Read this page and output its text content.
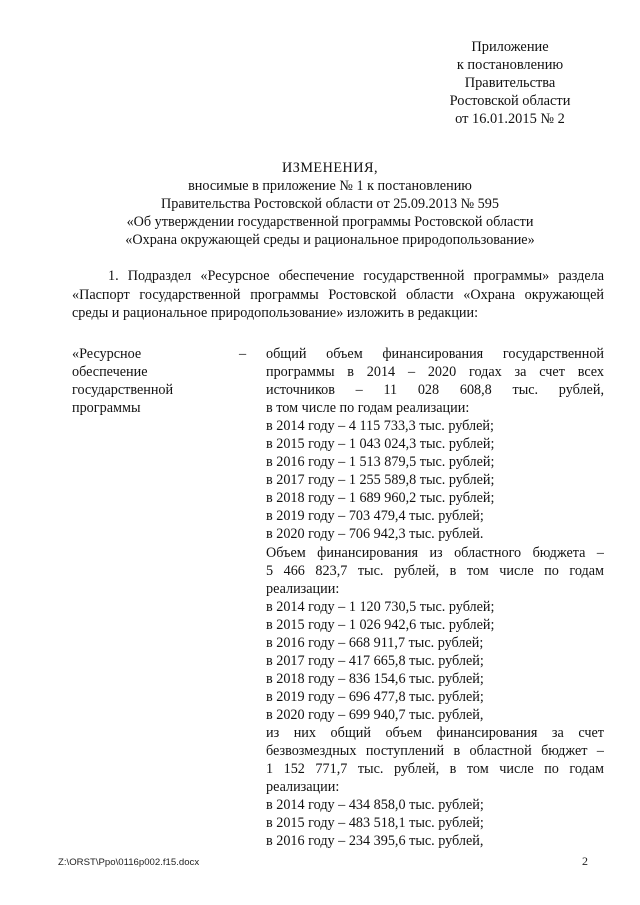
Приложение
к постановлению
Правительства
Ростовской области
от 16.01.2015 № 2
ИЗМЕНЕНИЯ,
вносимые в приложение № 1 к постановлению
Правительства Ростовской области от 25.09.2013 № 595
«Об утверждении государственной программы Ростовской области
«Охрана окружающей среды и рациональное природопользование»

1. Подраздел «Ресурсное обеспечение государственной программы» раздела «Паспорт государственной программы Ростовской области «Охрана окружающей среды и рациональное природопользование» изложить в редакции:

«Ресурсное
обеспечение
государственной
программы
– общий объем финансирования государственной
программы в 2014 – 2020 годах за счет всех
источников – 11 028 608,8 тыс. рублей,
в том числе по годам реализации:
в 2014 году – 4 115 733,3 тыс. рублей;
в 2015 году – 1 043 024,3 тыс. рублей;
в 2016 году – 1 513 879,5 тыс. рублей;
в 2017 году – 1 255 589,8 тыс. рублей;
в 2018 году – 1 689 960,2 тыс. рублей;
в 2019 году – 703 479,4 тыс. рублей;
в 2020 году – 706 942,3 тыс. рублей.
Объем финансирования из областного бюджета –
5 466 823,7 тыс. рублей, в том числе по годам
реализации:
в 2014 году – 1 120 730,5 тыс. рублей;
в 2015 году – 1 026 942,6 тыс. рублей;
в 2016 году – 668 911,7 тыс. рублей;
в 2017 году – 417 665,8 тыс. рублей;
в 2018 году – 836 154,6 тыс. рублей;
в 2019 году – 696 477,8 тыс. рублей;
в 2020 году – 699 940,7 тыс. рублей,
из них общий объем финансирования за счет
безвозмездных поступлений в областной бюджет –
1 152 771,7 тыс. рублей, в том числе по годам
реализации:
в 2014 году – 434 858,0 тыс. рублей;
в 2015 году – 483 518,1 тыс. рублей;
в 2016 году – 234 395,6 тыс. рублей,
Z:\ORST\Ppo\0116p002.f15.docx	2
